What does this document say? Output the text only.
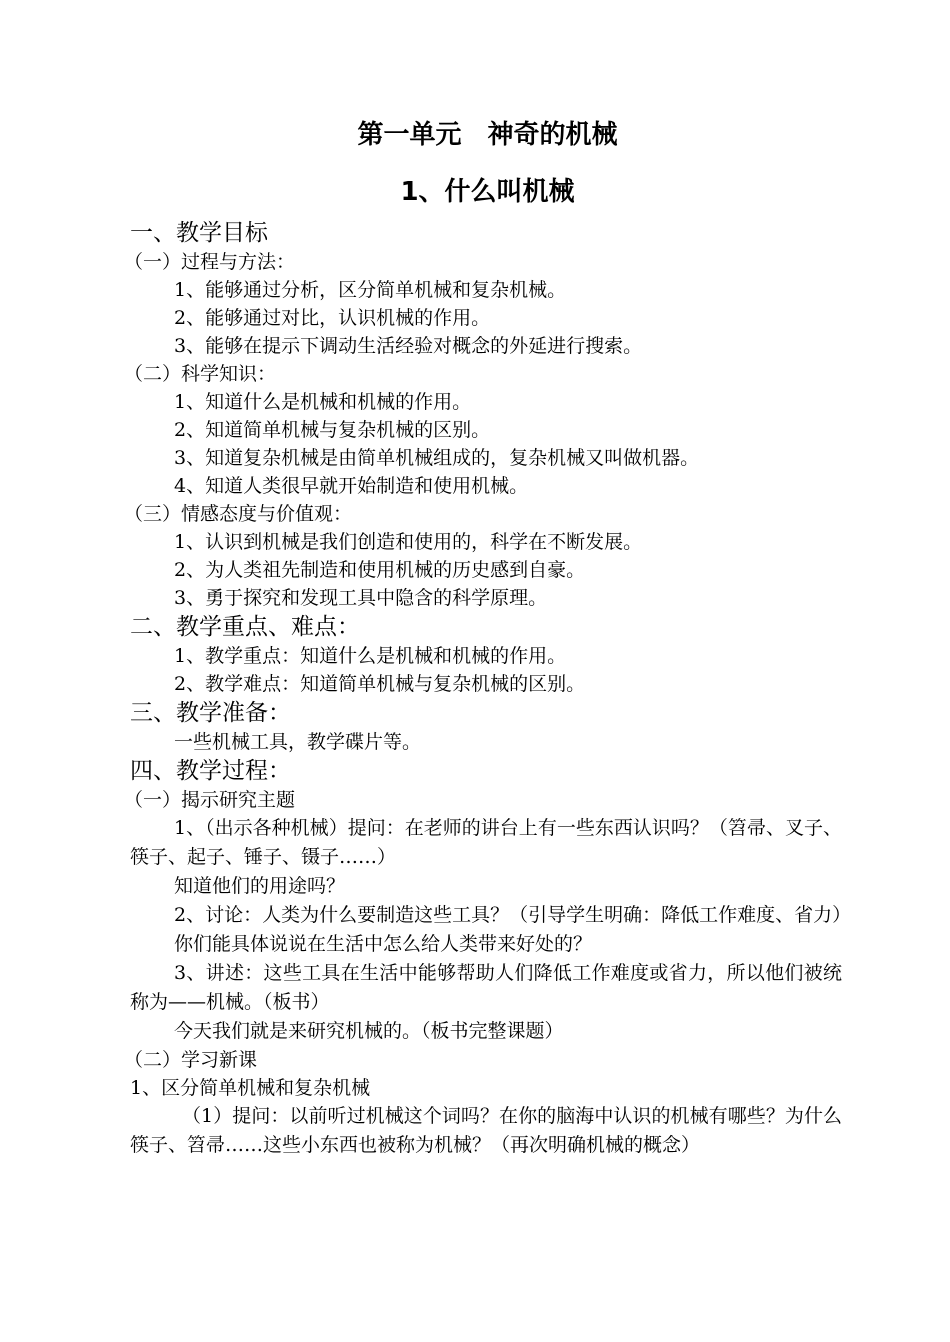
第一单元　神奇的机械
1、什么叫机械

一、教学目标

（一）过程与方法：

1、能够通过分析，区分简单机械和复杂机械。

2、能够通过对比，认识机械的作用。

3、能够在提示下调动生活经验对概念的外延进行搜索。

（二）科学知识：

1、知道什么是机械和机械的作用。

2、知道简单机械与复杂机械的区别。

3、知道复杂机械是由简单机械组成的，复杂机械又叫做机器。

4、知道人类很早就开始制造和使用机械。

（三）情感态度与价值观：

1、认识到机械是我们创造和使用的，科学在不断发展。

2、为人类祖先制造和使用机械的历史感到自豪。

3、勇于探究和发现工具中隐含的科学原理。

二、教学重点、难点：

1、教学重点：知道什么是机械和机械的作用。

2、教学难点：知道简单机械与复杂机械的区别。

三、教学准备：

一些机械工具，教学碟片等。

四、教学过程：

（一）揭示研究主题

1、（出示各种机械）提问：在老师的讲台上有一些东西认识吗？（笤帚、叉子、筷子、起子、锤子、镊子……）

知道他们的用途吗？

2、讨论：人类为什么要制造这些工具？（引导学生明确：降低工作难度、省力）

你们能具体说说在生活中怎么给人类带来好处的？

3、讲述：这些工具在生活中能够帮助人们降低工作难度或省力，所以他们被统称为——机械。（板书）

今天我们就是来研究机械的。（板书完整课题）

（二）学习新课

1、区分简单机械和复杂机械

（1）提问：以前听过机械这个词吗？在你的脑海中认识的机械有哪些？为什么筷子、笤帚……这些小东西也被称为机械？（再次明确机械的概念）
